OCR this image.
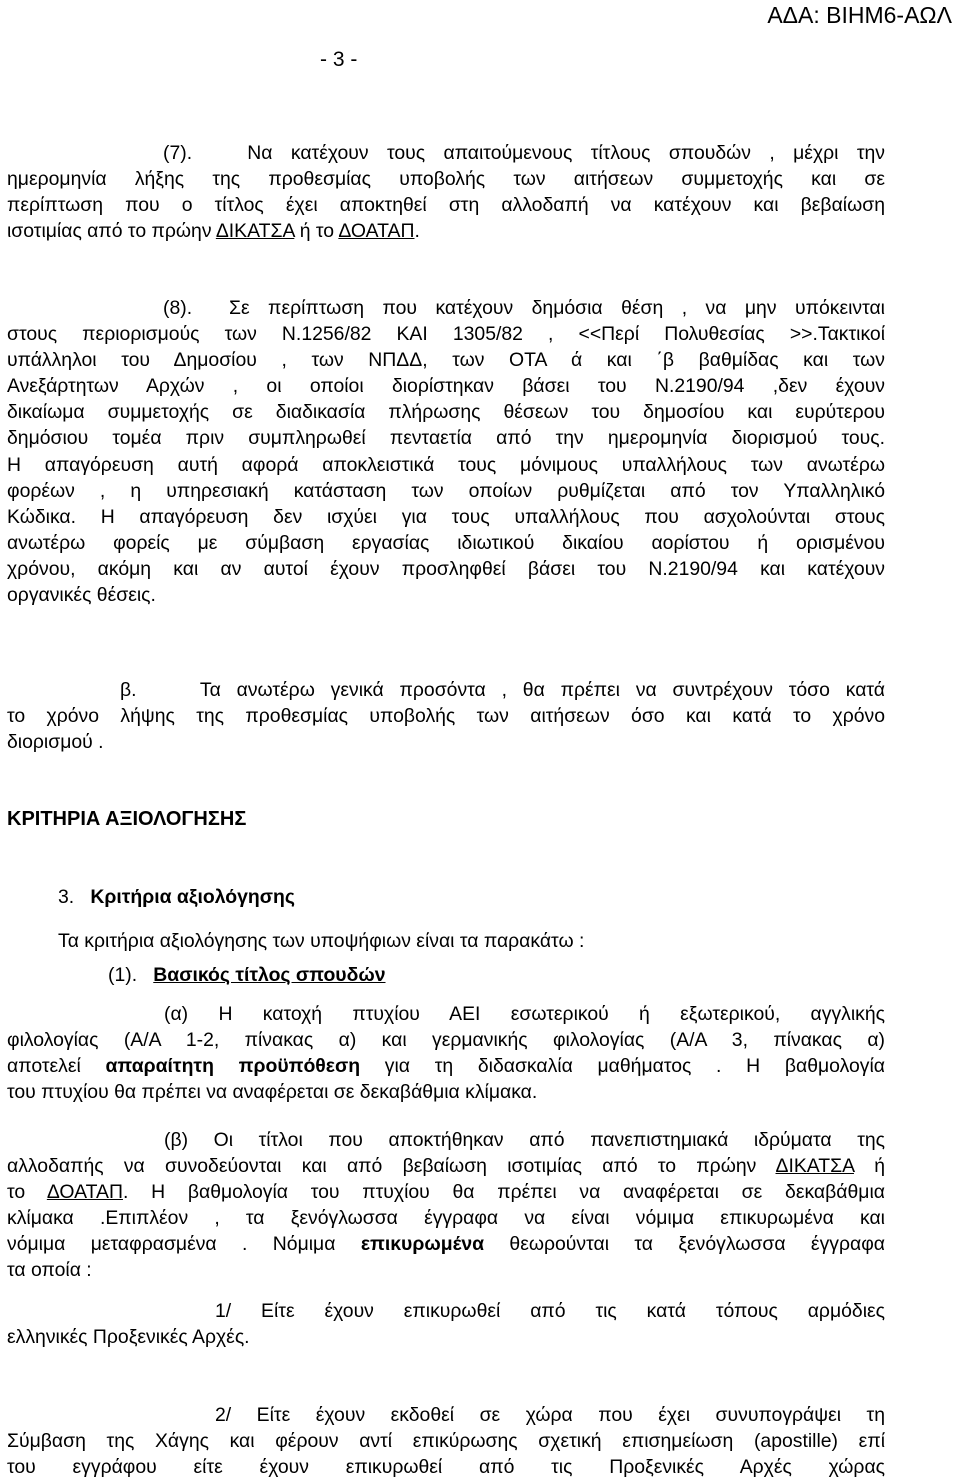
ΑΔΑ: ΒΙΗΜ6-ΑΩΛ
- 3 -
(7).	Να κατέχουν τους απαιτούμενους τίτλους σπουδών , μέχρι την
ημερομηνία λήξης της προθεσμίας υποβολής των αιτήσεων συμμετοχής και σε
περίπτωση που ο τίτλος έχει αποκτηθεί στη αλλοδαπή να κατέχουν και βεβαίωση
ισοτιμίας από το πρώην ΔΙΚΑΤΣΑ ή το ΔΟΑΤΑΠ.
(8). Σε περίπτωση που κατέχουν δημόσια θέση , να μην υπόκεινται
στους περιορισμούς των Ν.1256/82 ΚΑΙ 1305/82 , <<Περί Πολυθεσίας >>.Τακτικοί
υπάλληλοι του Δημοσίου , των ΝΠΔΔ, των ΟΤΑ ά και ΄β βαθμίδας και των
Ανεξάρτητων Αρχών , οι οποίοι διορίστηκαν βάσει του Ν.2190/94 ,δεν έχουν
δικαίωμα συμμετοχής σε διαδικασία πλήρωσης θέσεων του δημοσίου και ευρύτερου
δημόσιου τομέα πριν συμπληρωθεί πενταετία από την ημερομηνία διορισμού τους.
Η απαγόρευση αυτή αφορά αποκλειστικά τους μόνιμους υπαλλήλους των ανωτέρω
φορέων , η υπηρεσιακή κατάσταση των οποίων ρυθμίζεται από τον Υπαλληλικό
Κώδικα. Η απαγόρευση δεν ισχύει για τους υπαλλήλους που ασχολούνται στους
ανωτέρω φορείς με σύμβαση εργασίας ιδιωτικού δικαίου αορίστου ή ορισμένου
χρόνου, ακόμη και αν αυτοί έχουν προσληφθεί βάσει του Ν.2190/94 και κατέχουν
οργανικές θέσεις.
β.	Τα ανωτέρω γενικά προσόντα , θα πρέπει να συντρέχουν τόσο κατά
το χρόνο λήψης της προθεσμίας υποβολής των αιτήσεων όσο και κατά το χρόνο
διορισμού .
ΚΡΙΤΗΡΙΑ ΑΞΙΟΛΟΓΗΣΗΣ
3. Κριτήρια αξιολόγησης
Τα κριτήρια αξιολόγησης των υποψήφιων είναι τα παρακάτω :
(1). Βασικός τίτλος σπουδών
(α) Η κατοχή πτυχίου ΑΕΙ εσωτερικού ή εξωτερικού, αγγλικής
φιλολογίας (Α/Α 1-2, πίνακας α) και γερμανικής φιλολογίας (Α/Α 3, πίνακας α)
αποτελεί απαραίτητη προϋπόθεση για τη διδασκαλία μαθήματος . Η βαθμολογία
του πτυχίου θα πρέπει να αναφέρεται σε δεκαβάθμια κλίμακα.
(β) Οι τίτλοι που αποκτήθηκαν από πανεπιστημιακά ιδρύματα της
αλλοδαπής να συνοδεύονται και από βεβαίωση ισοτιμίας από το πρώην ΔΙΚΑΤΣΑ ή
το ΔΟΑΤΑΠ. Η βαθμολογία του πτυχίου θα πρέπει να αναφέρεται σε δεκαβάθμια
κλίμακα .Επιπλέον , τα ξενόγλωσσα έγγραφα να είναι νόμιμα επικυρωμένα και
νόμιμα μεταφρασμένα . Νόμιμα επικυρωμένα θεωρούνται τα ξενόγλωσσα έγγραφα
τα οποία :
1/ Είτε έχουν επικυρωθεί από τις κατά τόπους αρμόδιες
ελληνικές Προξενικές Αρχές.
2/ Είτε έχουν εκδοθεί σε χώρα που έχει συνυπογράψει τη
Σύμβαση της Χάγης και φέρουν αντί επικύρωσης σχετική επισημείωση (apostille) επί
του εγγράφου είτε έχουν επικυρωθεί από τις Προξενικές Αρχές χώρας
